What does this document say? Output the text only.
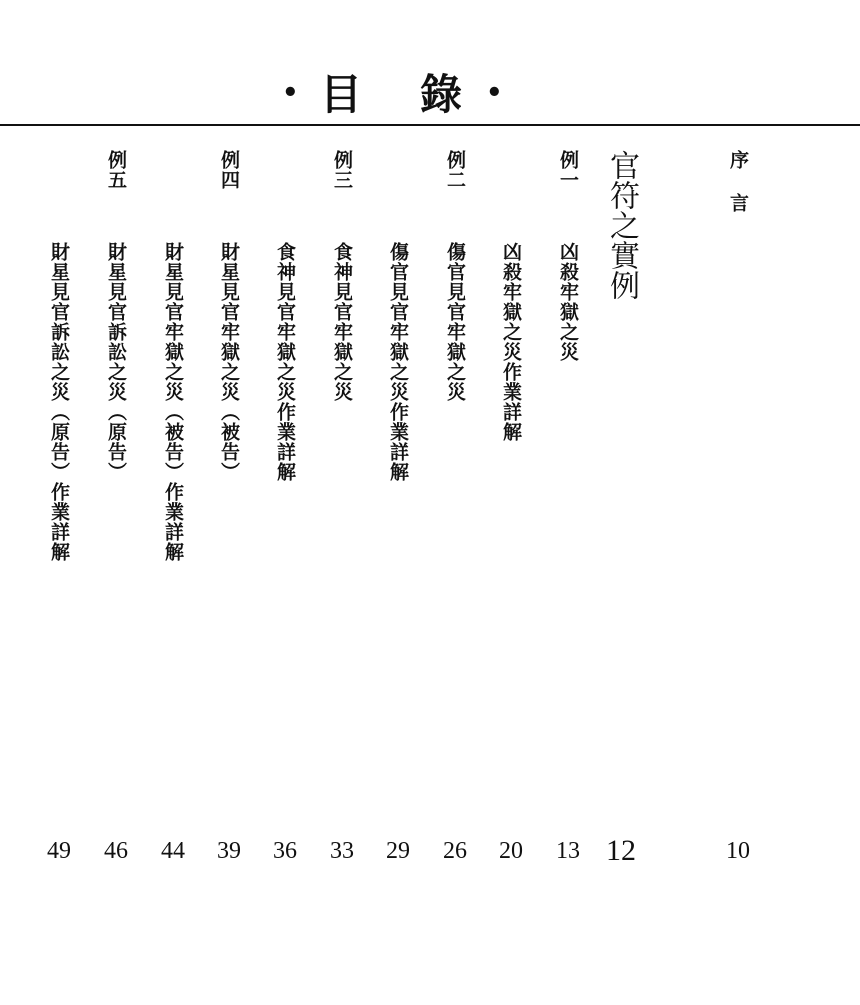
• 目 錄 •
序言
10
官符之實例
12
例一
凶殺牢獄之災
13
凶殺牢獄之災作業詳解
20
例二
傷官見官牢獄之災
26
傷官見官牢獄之災作業詳解
29
例三
食神見官牢獄之災
33
食神見官牢獄之災作業詳解
36
例四
財星見官牢獄之災︵被告︶
39
財星見官牢獄之災︵被告︶作業詳解
44
例五
財星見官訴訟之災︵原告︶
46
財星見官訴訟之災︵原告︶作業詳解
49
